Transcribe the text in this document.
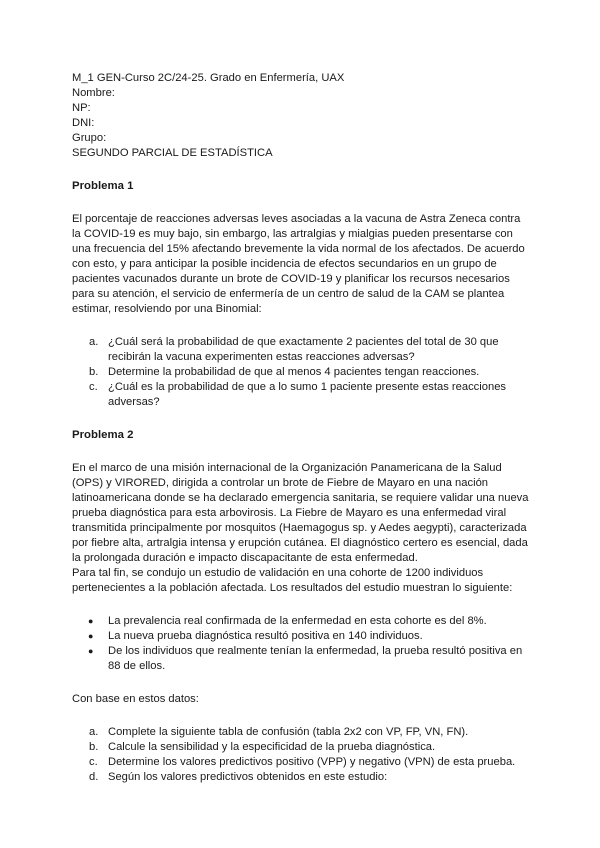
M_1 GEN-Curso 2C/24-25. Grado en Enfermería, UAX
Nombre:
NP:
DNI:
Grupo:
SEGUNDO PARCIAL DE ESTADÍSTICA
Problema 1
El porcentaje de reacciones adversas leves asociadas a la vacuna de Astra Zeneca contra
la COVID-19 es muy bajo, sin embargo, las artralgias y mialgias pueden presentarse con
una frecuencia del 15% afectando brevemente la vida normal de los afectados. De acuerdo
con esto, y para anticipar la posible incidencia de efectos secundarios en un grupo de
pacientes vacunados durante un brote de COVID-19 y planificar los recursos necesarios
para su atención, el servicio de enfermería de un centro de salud de la CAM se plantea
estimar, resolviendo por una Binomial:
a. ¿Cuál será la probabilidad de que exactamente 2 pacientes del total de 30 que
recibirán la vacuna experimenten estas reacciones adversas?
b. Determine la probabilidad de que al menos 4 pacientes tengan reacciones.
c. ¿Cuál es la probabilidad de que a lo sumo 1 paciente presente estas reacciones
adversas?
Problema 2
En el marco de una misión internacional de la Organización Panamericana de la Salud
(OPS) y VIRORED, dirigida a controlar un brote de Fiebre de Mayaro en una nación
latinoamericana donde se ha declarado emergencia sanitaria, se requiere validar una nueva
prueba diagnóstica para esta arbovirosis. La Fiebre de Mayaro es una enfermedad viral
transmitida principalmente por mosquitos (Haemagogus sp. y Aedes aegypti), caracterizada
por fiebre alta, artralgia intensa y erupción cutánea. El diagnóstico certero es esencial, dada
la prolongada duración e impacto discapacitante de esta enfermedad.
Para tal fin, se condujo un estudio de validación en una cohorte de 1200 individuos
pertenecientes a la población afectada. Los resultados del estudio muestran lo siguiente:
● La prevalencia real confirmada de la enfermedad en esta cohorte es del 8%.
● La nueva prueba diagnóstica resultó positiva en 140 individuos.
● De los individuos que realmente tenían la enfermedad, la prueba resultó positiva en
88 de ellos.
Con base en estos datos:
a. Complete la siguiente tabla de confusión (tabla 2x2 con VP, FP, VN, FN).
b. Calcule la sensibilidad y la especificidad de la prueba diagnóstica.
c. Determine los valores predictivos positivo (VPP) y negativo (VPN) de esta prueba.
d. Según los valores predictivos obtenidos en este estudio:
